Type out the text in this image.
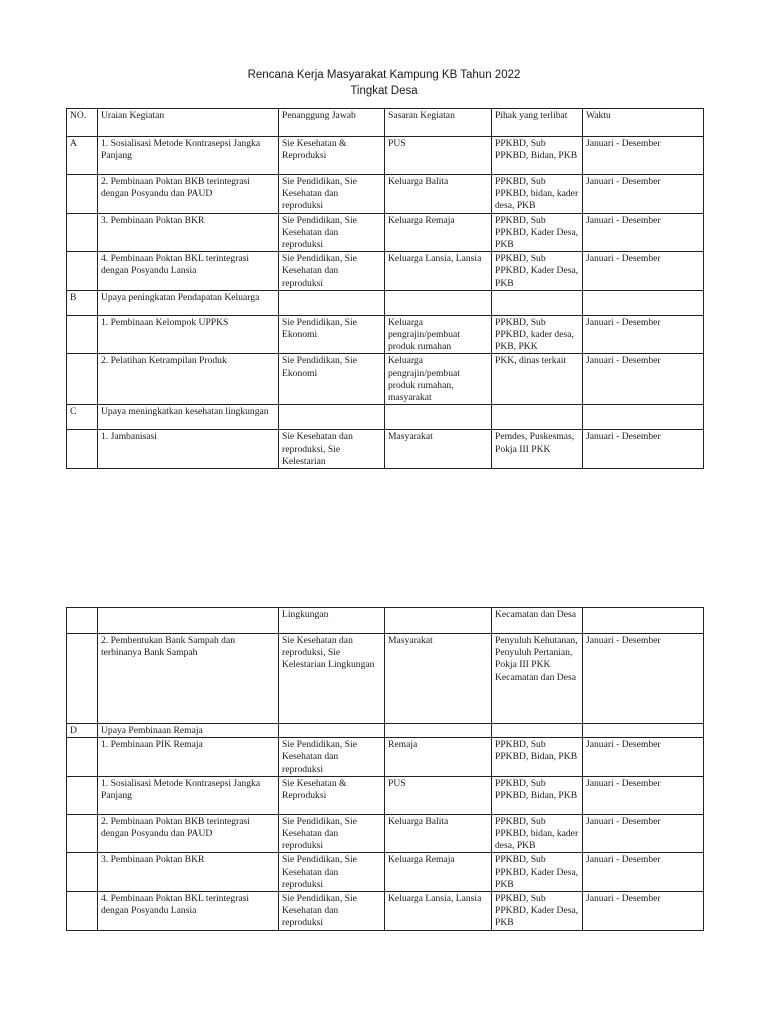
Rencana Kerja Masyarakat Kampung KB Tahun 2022
Tingkat Desa
NO.	Uraian Kegiatan	Penanggung Jawab	Sasaran Kegiatan	Pihak yang terlibat	Waktu
A	1. Sosialisasi Metode Kontrasepsi Jangka Panjang	Sie Kesehatan & Reproduksi	PUS	PPKBD, Sub PPKBD, Bidan, PKB	Januari - Desember
	2. Pembinaan Poktan BKB terintegrasi dengan Posyandu dan PAUD	Sie Pendidikan, Sie Kesehatan dan reproduksi	Keluarga Balita	PPKBD, Sub PPKBD, bidan, kader desa, PKB	Januari - Desember
	3. Pembinaan Poktan BKR	Sie Pendidikan, Sie Kesehatan dan reproduksi	Keluarga Remaja	PPKBD, Sub PPKBD, Kader Desa, PKB	Januari - Desember
	4. Pembinaan Poktan BKL terintegrasi dengan Posyandu Lansia	Sie Pendidikan, Sie Kesehatan dan reproduksi	Keluarga Lansia, Lansia	PPKBD, Sub PPKBD, Kader Desa, PKB	Januari - Desember
B	Upaya peningkatan Pendapatan Keluarga				
	1. Pembinaan Kelompok UPPKS	Sie Pendidikan, Sie Ekonomi	Keluarga pengrajin/pembuat produk rumahan	PPKBD, Sub PPKBD, kader desa, PKB, PKK	Januari - Desember
	2. Pelatihan Ketrampilan Produk	Sie Pendidikan, Sie Ekonomi	Keluarga pengrajin/pembuat produk rumahan, masyarakat	PKK, dinas terkait	Januari - Desember
C	Upaya meningkatkan kesehatan lingkungan				
	1. Jambanisasi	Sie Kesehatan dan reproduksi, Sie Kelestarian	Masyarakat	Pemdes, Puskesmas, Pokja III PKK	Januari - Desember
		Lingkungan		Kecamatan dan Desa	
	2. Pembentukan Bank Sampah dan terbinanya Bank Sampah	Sie Kesehatan dan reproduksi, Sie Kelestarian Lingkungan	Masyarakat	Penyuluh Kehutanan, Penyuluh Pertanian, Pokja III PKK Kecamatan dan Desa	Januari - Desember
D	Upaya Pembinaan Remaja				
	1. Pembinaan PIK Remaja	Sie Pendidikan, Sie Kesehatan dan reproduksi	Remaja	PPKBD, Sub PPKBD, Bidan, PKB	Januari - Desember
	1. Sosialisasi Metode Kontrasepsi Jangka Panjang	Sie Kesehatan & Reproduksi	PUS	PPKBD, Sub PPKBD, Bidan, PKB	Januari - Desember
	2. Pembinaan Poktan BKB terintegrasi dengan Posyandu dan PAUD	Sie Pendidikan, Sie Kesehatan dan reproduksi	Keluarga Balita	PPKBD, Sub PPKBD, bidan, kader desa, PKB	Januari - Desember
	3. Pembinaan Poktan BKR	Sie Pendidikan, Sie Kesehatan dan reproduksi	Keluarga Remaja	PPKBD, Sub PPKBD, Kader Desa, PKB	Januari - Desember
	4. Pembinaan Poktan BKL terintegrasi dengan Posyandu Lansia	Sie Pendidikan, Sie Kesehatan dan reproduksi	Keluarga Lansia, Lansia	PPKBD, Sub PPKBD, Kader Desa, PKB	Januari - Desember
